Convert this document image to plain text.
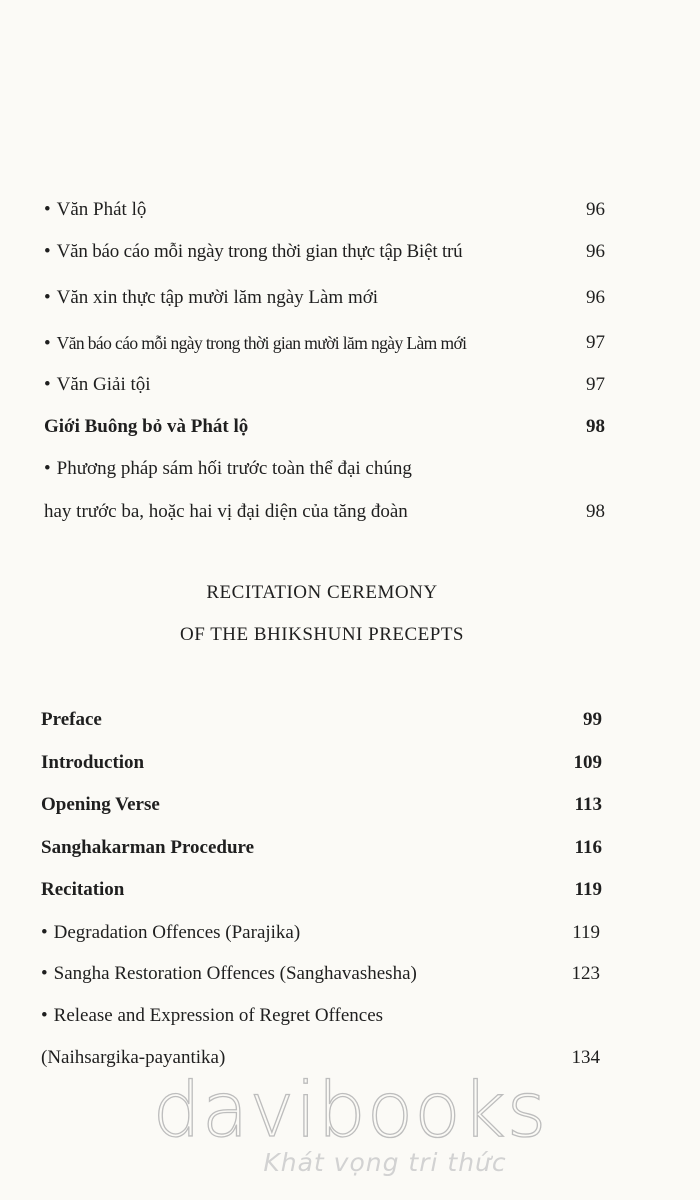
• Văn Phát lộ	96
• Văn báo cáo mỗi ngày trong thời gian thực tập Biệt trú	96
• Văn xin thực tập mười lăm ngày Làm mới	96
• Văn báo cáo mỗi ngày trong thời gian mười lăm ngày Làm mới	97
• Văn Giải tội	97
Giới Buông bỏ và Phát lộ	98
• Phương pháp sám hối trước toàn thể đại chúng
hay trước ba, hoặc hai vị đại diện của tăng đoàn	98
RECITATION CEREMONY
OF THE BHIKSHUNI PRECEPTS
Preface	99
Introduction	109
Opening Verse	113
Sanghakarman Procedure	116
Recitation	119
• Degradation Offences (Parajika)	119
• Sangha Restoration Offences (Sanghavashesha)	123
• Release and Expression of Regret Offences
(Naihsargika-payantika)	134
davibooks
Khát vọng tri thức
